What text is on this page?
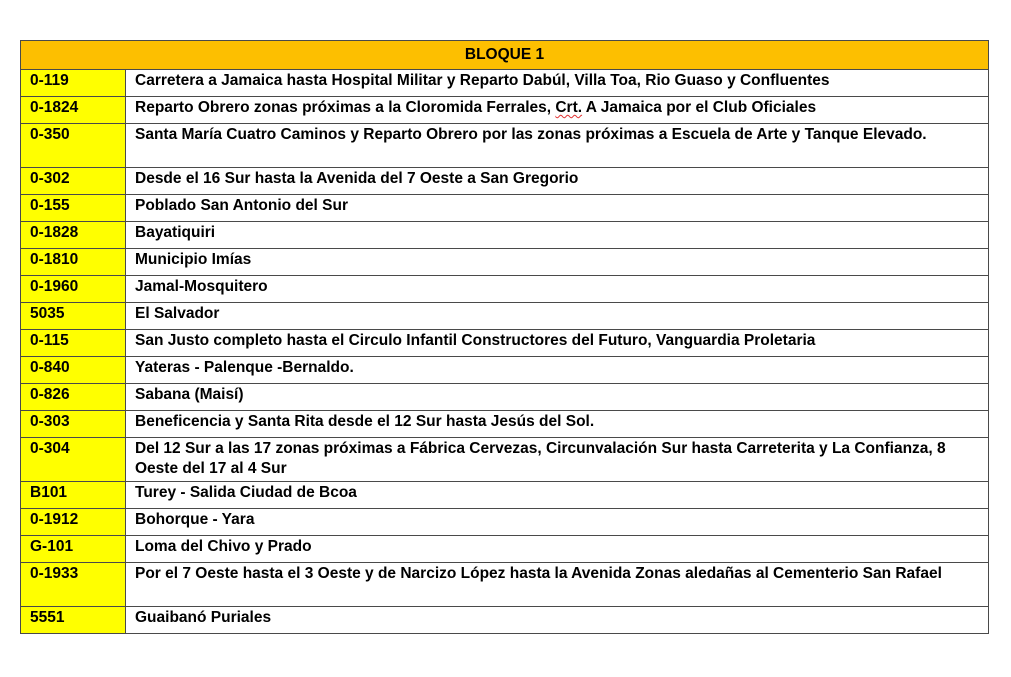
BLOQUE 1	
0-119	Carretera a Jamaica hasta Hospital Militar y Reparto Dabúl, Villa Toa, Rio Guaso y Confluentes
0-1824	Reparto Obrero zonas próximas a la Cloromida Ferrales, Crt. A Jamaica por el Club Oficiales
0-350	Santa María Cuatro Caminos y Reparto Obrero por las zonas próximas a Escuela de Arte y Tanque Elevado.
0-302	Desde el 16 Sur hasta la Avenida del 7 Oeste a San Gregorio
0-155	Poblado San Antonio del Sur
0-1828	Bayatiquiri
0-1810	Municipio Imías
0-1960	Jamal-Mosquitero
5035	El Salvador
0-115	San Justo completo hasta el Circulo Infantil Constructores del Futuro, Vanguardia Proletaria
0-840	Yateras - Palenque -Bernaldo.
0-826	Sabana (Maisí)
0-303	Beneficencia y Santa Rita desde el 12 Sur hasta Jesús del Sol.
0-304	Del 12 Sur a las 17 zonas próximas a Fábrica Cervezas, Circunvalación Sur hasta Carreterita y La Confianza, 8 Oeste del 17 al 4 Sur
B101	Turey - Salida Ciudad de Bcoa
0-1912	Bohorque - Yara
G-101	Loma del Chivo y Prado
0-1933	Por el 7 Oeste hasta el 3 Oeste y de Narcizo López hasta la Avenida Zonas aledañas al Cementerio San Rafael
5551	Guaibanó Puriales
